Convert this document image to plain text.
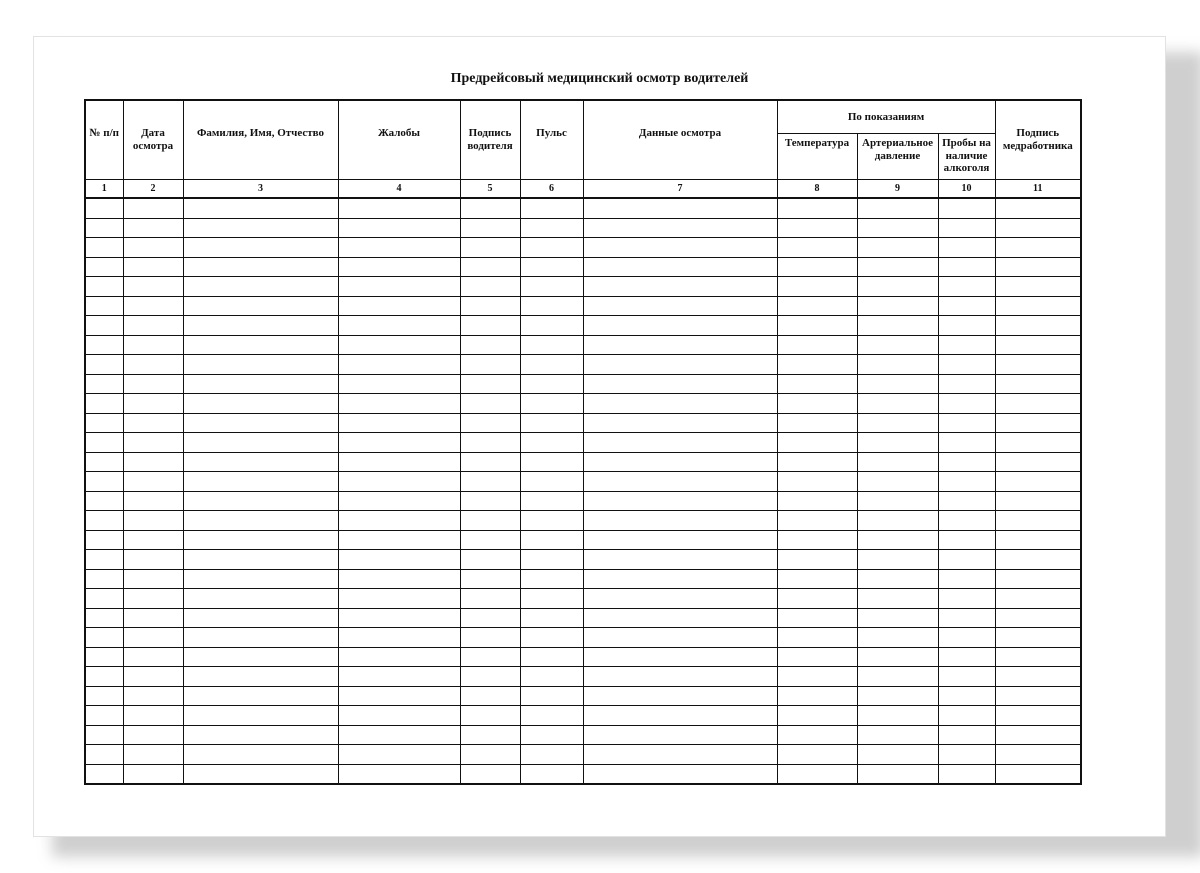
Предрейсовый медицинский осмотр водителей
№ п/п	Дата осмотра	Фамилия, Имя, Отчество	Жалобы	Подпись водителя	Пульс	Данные осмотра	По показаниям			Подпись медработника
							Температура	Артериальное давление	Пробы на наличие алкоголя	
1	2	3	4	5	6	7	8	9	10	11
